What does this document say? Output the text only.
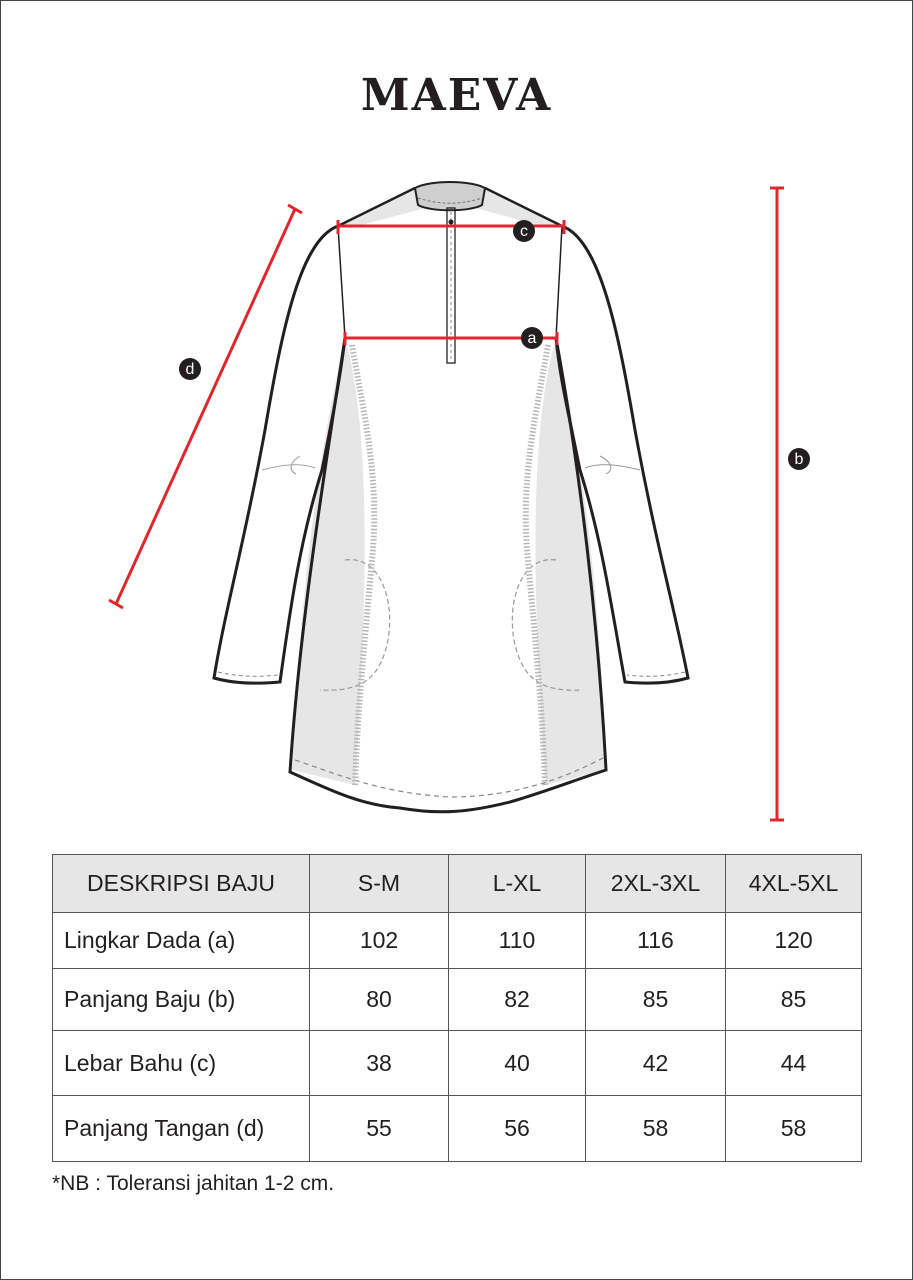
MAEVA
c
a
b
d
DESKRIPSI BAJU	S-M	L-XL	2XL-3XL	4XL-5XL
Lingkar Dada (a)	102	110	116	120
Panjang Baju (b)	80	82	85	85
Lebar Bahu (c)	38	40	42	44
Panjang Tangan (d)	55	56	58	58
*NB : Toleransi jahitan 1-2 cm.
